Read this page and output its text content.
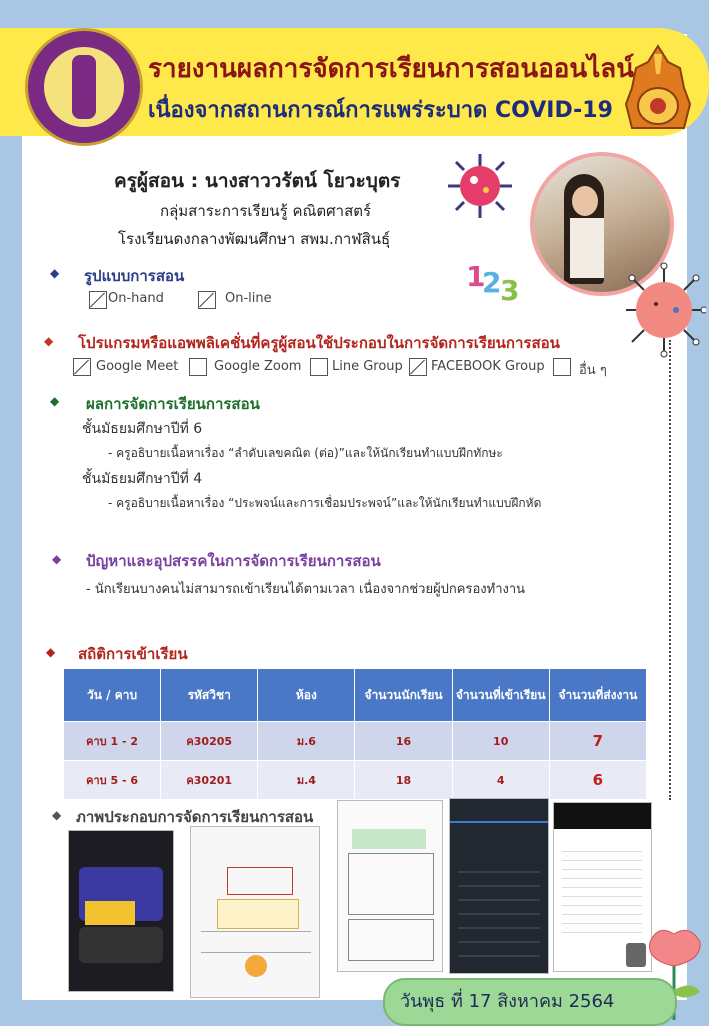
รายงานผลการจัดการเรียนการสอนออนไลน์
เนื่องจากสถานการณ์การแพร่ระบาด COVID-19
ครูผู้สอน : นางสาววรัตน์ โยวะบุตร
กลุ่มสาระการเรียนรู้ คณิตศาสตร์
โรงเรียนดงกลางพัฒนศึกษา สพม.กาฬสินธุ์
1
2
3
◆ รูปแบบการสอน
On-hand	On-line
◆ โปรแกรมหรือแอพพลิเคชั่นที่ครูผู้สอนใช้ประกอบในการจัดการเรียนการสอน
Google Meet	Google Zoom Line Group FACEBOOK Group	อื่น ๆ
◆ ผลการจัดการเรียนการสอน
ชั้นมัธยมศึกษาปีที่ 6
- ครูอธิบายเนื้อหาเรื่อง “ลำดับเลขคณิต (ต่อ)”และให้นักเรียนทำแบบฝึกทักษะ
ชั้นมัธยมศึกษาปีที่ 4
- ครูอธิบายเนื้อหาเรื่อง “ประพจน์และการเชื่อมประพจน์”และให้นักเรียนทำแบบฝึกหัด
◆ ปัญหาและอุปสรรคในการจัดการเรียนการสอน
- นักเรียนบางคนไม่สามารถเข้าเรียนได้ตามเวลา เนื่องจากช่วยผู้ปกครองทำงาน
◆ สถิติการเข้าเรียน
วัน / คาบ	รหัสวิชา	ห้อง	จำนวนนักเรียน	จำนวนที่เข้าเรียน	จำนวนที่ส่งงาน
คาบ 1 - 2	ค30205	ม.6	16	10	7
คาบ 5 - 6	ค30201	ม.4	18	4	6
◆ ภาพประกอบการจัดการเรียนการสอน
วันพุธ ที่ 17 สิงหาคม 2564
